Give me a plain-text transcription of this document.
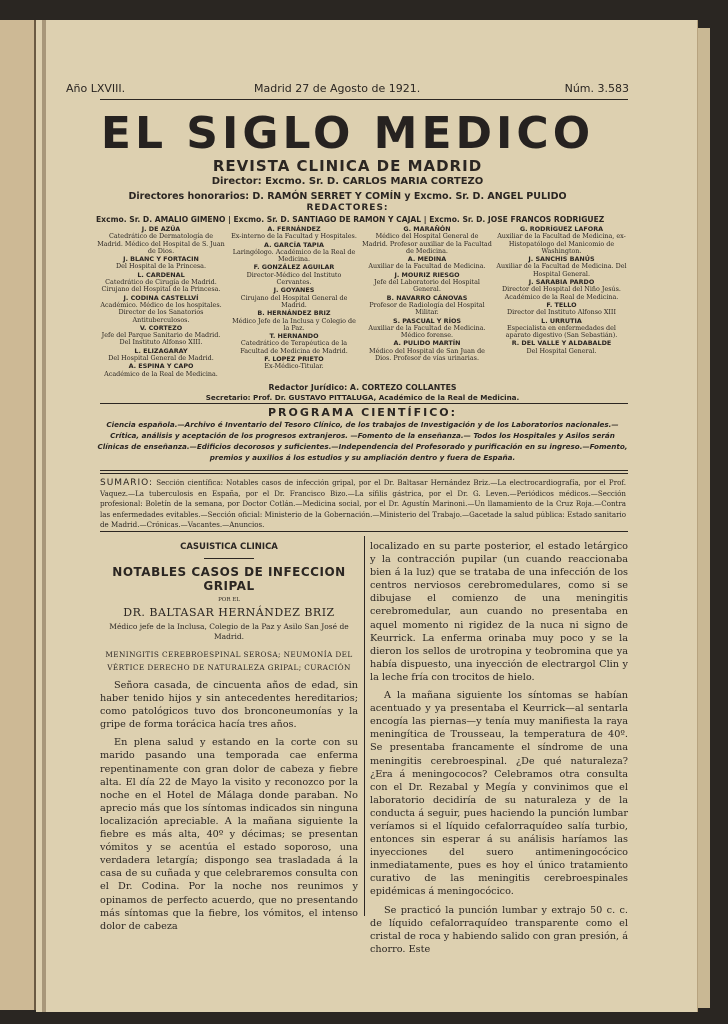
Año LXVIII.	Madrid 27 de Agosto de 1921.	Núm. 3.583
EL SIGLO MEDICO
REVISTA CLINICA DE MADRID
Director: Excmo. Sr. D. CARLOS MARIA CORTEZO
Directores honorarios: D. RAMÓN SERRET Y COMÍN y Excmo. Sr. D. ANGEL PULIDO
REDACTORES:
Excmo. Sr. D. AMALIO GIMENO | Excmo. Sr. D. SANTIAGO DE RAMON Y CAJAL | Excmo. Sr. D. JOSE FRANCOS RODRIGUEZ
J. DE AZÚA
Catedrático de Dermatología de Madrid. Médico del Hospital de S. Juan de Dios.
J. BLANC Y FORTACIN
Del Hospital de la Princesa.
L. CARDENAL
Catedrático de Cirugía de Madrid. Cirujano del Hospital de la Princesa.
J. CODINA CASTELLVÍ
Académico. Médico de los hospitales. Director de los Sanatorios Antituberculosos.
V. CORTEZO
Jefe del Parque Sanitario de Madrid. Del Instituto Alfonso XIII.
L. ELIZAGARAY
Del Hospital General de Madrid.
A. ESPINA Y CAPO
Académico de la Real de Medicina.
A. FERNÁNDEZ
Ex-interno de la Facultad y Hospitales.
A. GARCÍA TAPIA
Laringólogo. Académico de la Real de Medicina.
F. GONZÁLEZ AGUILAR
Director-Médico del Instituto Cervantes.
J. GOYANES
Cirujano del Hospital General de Madrid.
B. HERNÁNDEZ BRIZ
Médico Jefe de la Inclusa y Colegio de la Paz.
T. HERNANDO
Catedrático de Terapéutica de la Facultad de Medicina de Madrid.
F. LOPEZ PRIETO
Ex-Médico-Titular.
G. MARAÑÓN
Médico del Hospital General de Madrid. Profesor auxiliar de la Facultad de Medicina.
A. MEDINA
Auxiliar de la Facultad de Medicina.
J. MOURIZ RIESGO
Jefe del Laboratorio del Hospital General.
B. NAVARRO CÁNOVAS
Profesor de Radiología del Hospital Militar.
S. PASCUAL Y RÍOS
Auxiliar de la Facultad de Medicina. Médico forense.
A. PULIDO MARTÍN
Médico del Hospital de San Juan de Dios. Profesor de vías urinarias.
G. RODRÍGUEZ LAFORA
Auxiliar de la Facultad de Medicina, ex-Histopatólogo del Manicomio de Washington.
J. SANCHIS BANÚS
Auxiliar de la Facultad de Medicina. Del Hospital General.
J. SARABIA PARDO
Director del Hospital del Niño Jesús. Académico de la Real de Medicina.
F. TELLO
Director del Instituto Alfonso XIII
L. URRUTIA
Especialista en enfermedades del aparato digestivo (San Sebastián).
R. DEL VALLE Y ALDABALDE
Del Hospital General.
Redactor Jurídico: A. CORTEZO COLLANTES
Secretario: Prof. Dr. GUSTAVO PITTALUGA, Académico de la Real de Medicina.
PROGRAMA CIENTÍFICO:
Ciencia española.—Archivo é Inventario del Tesoro Clínico, de los trabajos de Investigación y de los Laboratorios nacionales.—Crítica, análisis y aceptación de los progresos extranjeros. —Fomento de la enseñanza.— Todos los Hospitales y Asilos serán Clínicas de enseñanza.—Edificios decorosos y suficientes.—Independencia del Profesorado y purificación en su ingreso.—Fomento, premios y auxilios á los estudios y su ampliación dentro y fuera de España.
SUMARIO: Sección científica: Notables casos de infección gripal, por el Dr. Baltasar Hernández Briz.—La electrocardiografía, por el Prof. Vaquez.—La tuberculosis en España, por el Dr. Francisco Bizo.—La sífilis gástrica, por el Dr. G. Leven.—Periódicos médicos.—Sección profesional: Boletín de la semana, por Doctor Cotlán.—Medicina social, por el Dr. Agustín Marinoni.—Un llamamiento de la Cruz Roja.—Contra las enfermedades evitables.—Sección oficial: Ministerio de la Gobernación.—Ministerio del Trabajo.—Gacetade la salud pública: Estado sanitario de Madrid.—Crónicas.—Vacantes.—Anuncios.
CASUISTICA CLINICA
NOTABLES CASOS DE INFECCION GRIPAL
POR EL
DR. BALTASAR HERNÁNDEZ BRIZ
Médico jefe de la Inclusa, Colegio de la Paz y Asilo San José de Madrid.
MENINGITIS CEREBROESPINAL SEROSA; NEUMONÍA DEL VÉRTICE DERECHO DE NATURALEZA GRIPAL; CURACIÓN

Señora casada, de cincuenta años de edad, sin haber tenido hijos y sin antecedentes hereditarios; como patológicos tuvo dos bronconeumonías y la gripe de forma torácica hacía tres años.

En plena salud y estando en la corte con su marido pasando una temporada cae enferma repentinamente con gran dolor de cabeza y fiebre alta. El día 22 de Mayo la visito y reconozco por la noche en el Hotel de Málaga donde paraban. No aprecio más que los síntomas indicados sin ninguna localización apreciable. A la mañana siguiente la fiebre es más alta, 40º y décimas; se presentan vómitos y se acentúa el estado soporoso, una verdadera letargía; dispongo sea trasladada á la casa de su cuñada y que celebraremos consulta con el Dr. Codina. Por la noche nos reunimos y opinamos de perfecto acuerdo, que no presentando más síntomas que la fiebre, los vómitos, el intenso dolor de cabeza

localizado en su parte posterior, el estado letárgico y la contracción pupilar (un cuando reaccionaba bien á la luz) que se trataba de una infección de los centros nerviosos cerebromedulares, como si se dibujase el comienzo de una meningitis cerebromedular, aun cuando no presentaba en aquel momento ni rigidez de la nuca ni signo de Keurrick. La enferma orinaba muy poco y se la dieron los sellos de urotropina y teobromina que ya había dispuesto, una inyección de electrargol Clin y la leche fría con trocitos de hielo.

A la mañana siguiente los síntomas se habían acentuado y ya presentaba el Keurrick—al sentarla encogía las piernas—y tenía muy manifiesta la raya meningítica de Trousseau, la temperatura de 40º. Se presentaba francamente el síndrome de una meningitis cerebroespinal. ¿De qué naturaleza? ¿Era á meningococos? Celebramos otra consulta con el Dr. Rezabal y Megía y convinimos que el laboratorio decidiría de su naturaleza y de la conducta á seguir, pues haciendo la punción lumbar veríamos si el líquido cefalorraquídeo salía turbio, entonces sin esperar á su análisis haríamos las inyecciones del suero antimeningocócico inmediatamente, pues es hoy el único tratamiento curativo de las meningitis cerebroespinales epidémicas á meningocócico.

Se practicó la punción lumbar y extrajo 50 c. c. de líquido cefalorraquídeo transparente como el cristal de roca y habiendo salido con gran presión, á chorro. Este
